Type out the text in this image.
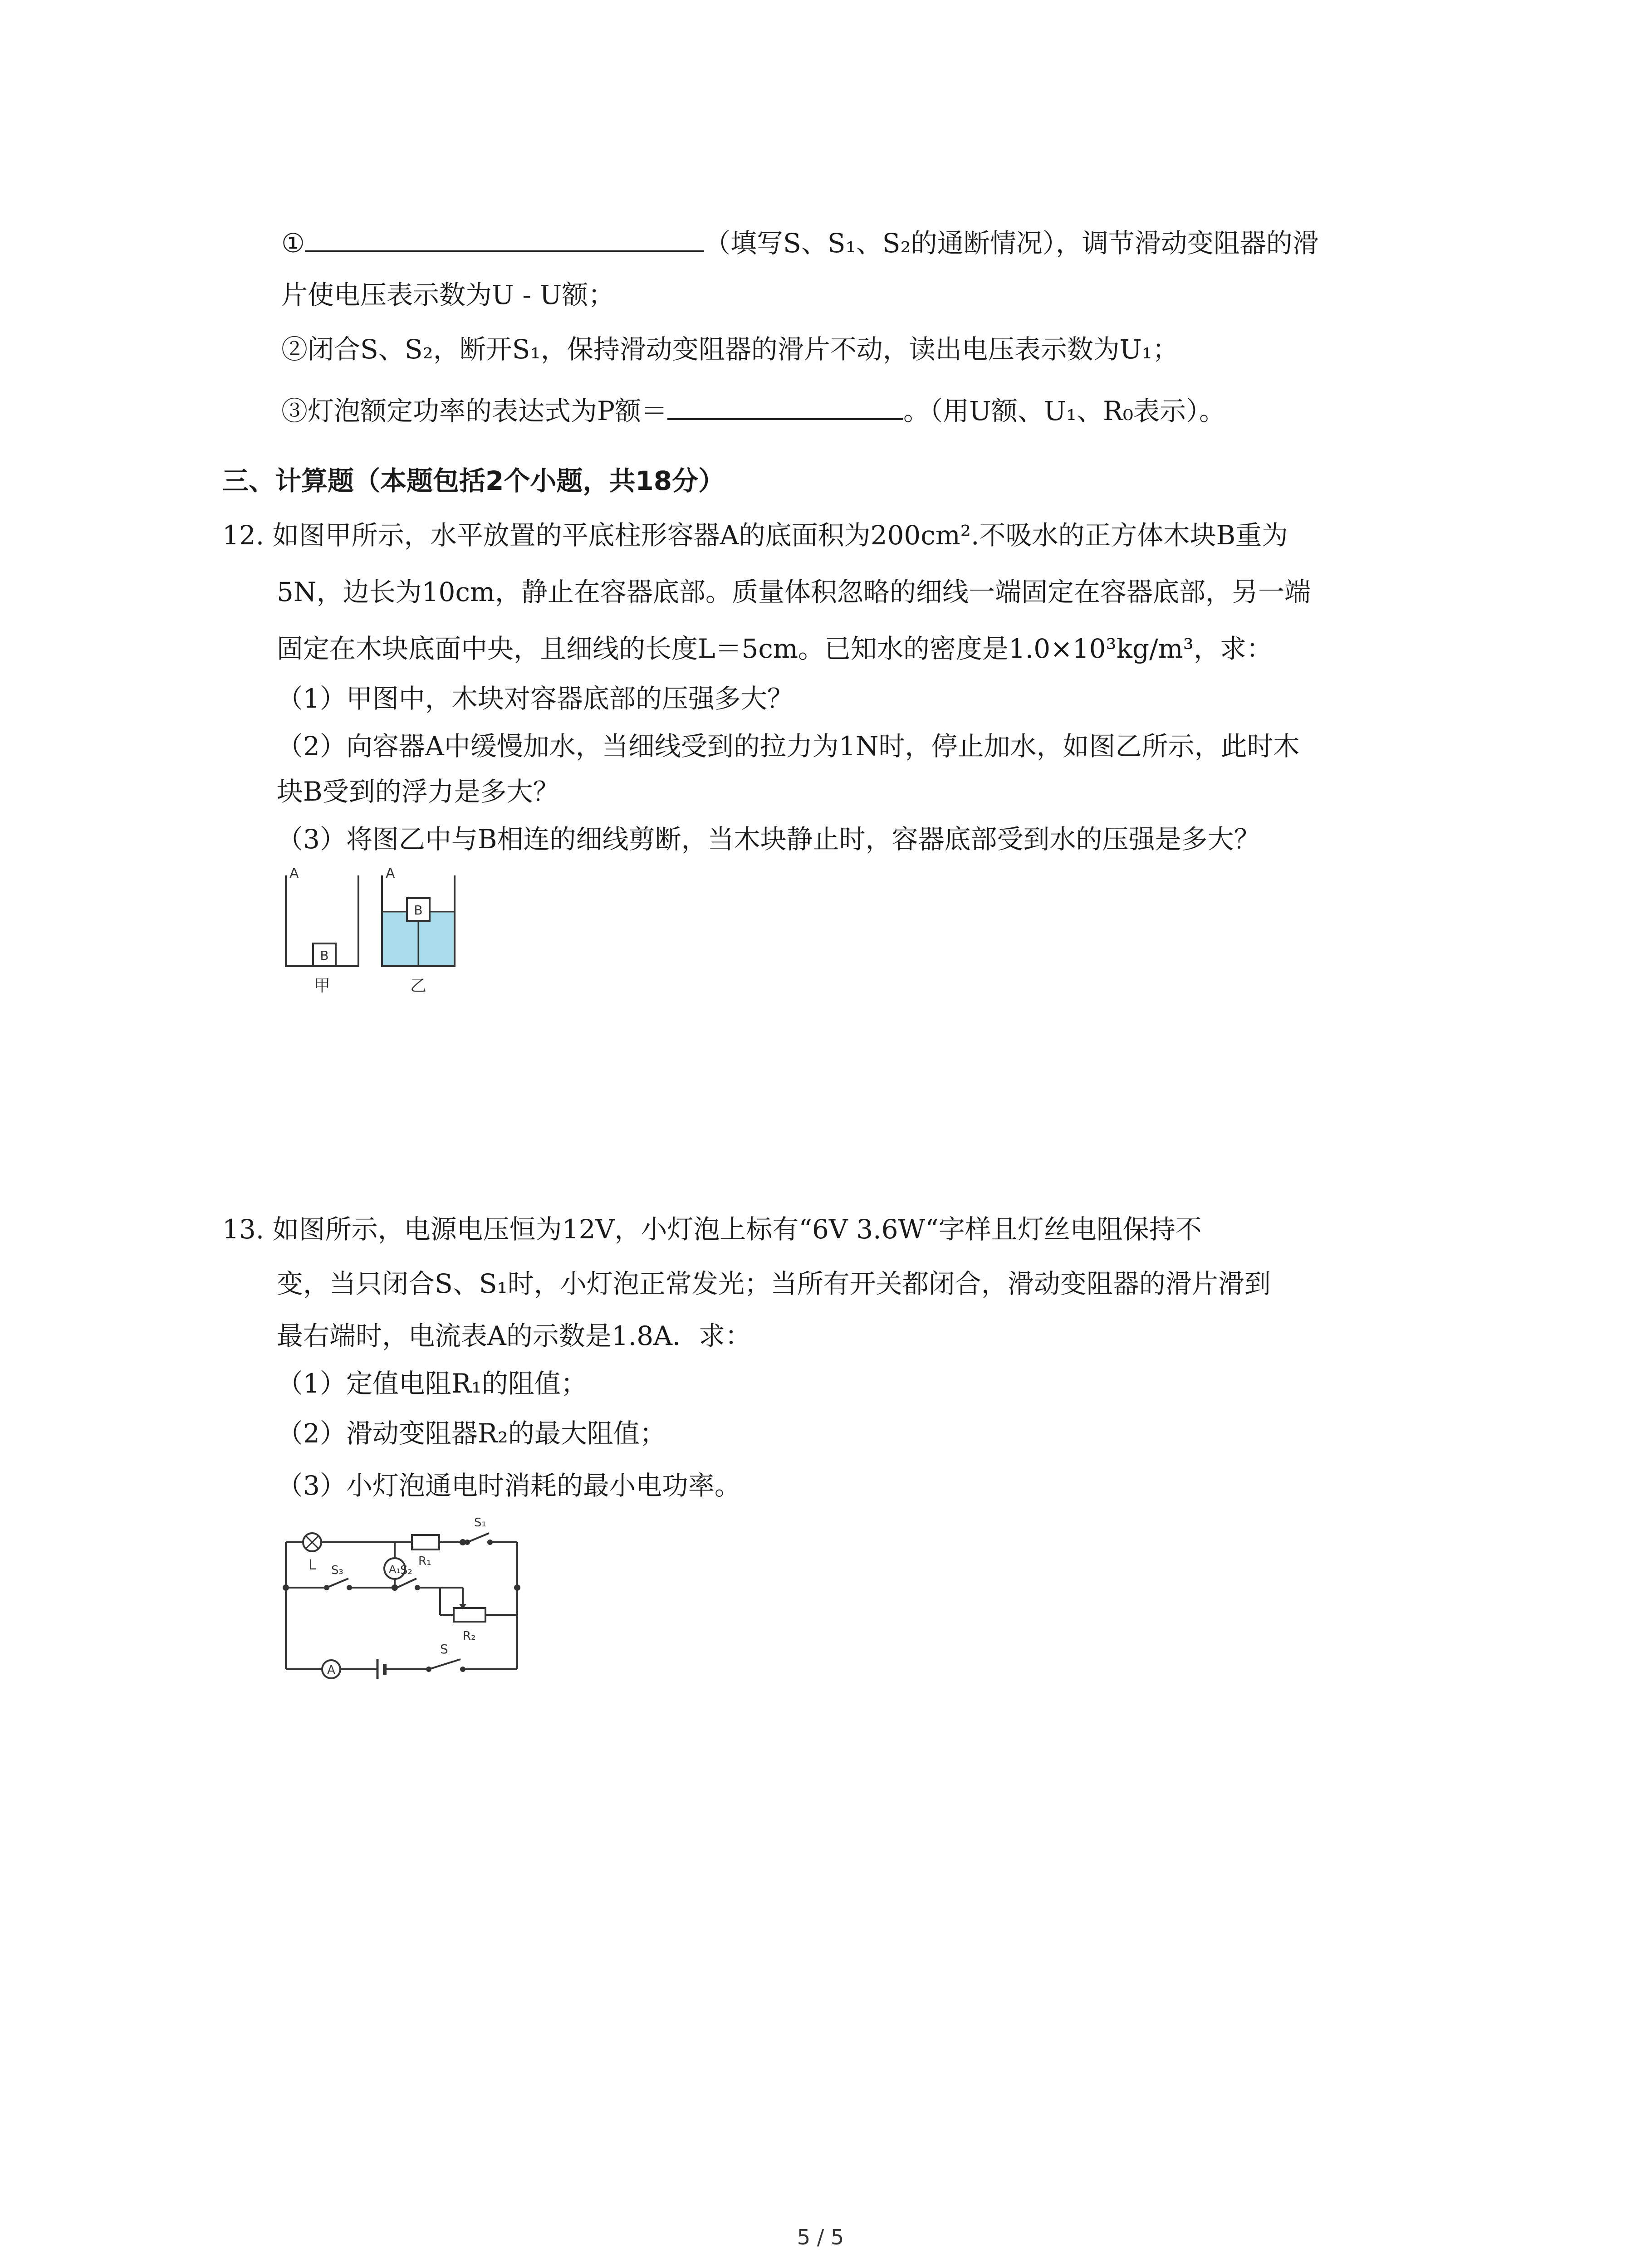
①	（填写S、S₁、S₂的通断情况），调节滑动变阻器的滑
片使电压表示数为U - U额；
②闭合S、S₂，断开S₁，保持滑动变阻器的滑片不动，读出电压表示数为U₁；
③灯泡额定功率的表达式为P额＝	。（用U额、U₁、R₀表示）。
三、计算题（本题包括2个小题，共18分）
12. 如图甲所示，水平放置的平底柱形容器A的底面积为200cm².不吸水的正方体木块B重为
5N，边长为10cm，静止在容器底部。质量体积忽略的细线一端固定在容器底部，另一端
固定在木块底面中央，且细线的长度L＝5cm。已知水的密度是1.0×10³kg/m³，求：
（1）甲图中，木块对容器底部的压强多大？
（2）向容器A中缓慢加水，当细线受到的拉力为1N时，停止加水，如图乙所示，此时木
块B受到的浮力是多大？
（3）将图乙中与B相连的细线剪断，当木块静止时，容器底部受到水的压强是多大？
A
B
甲
A
B
乙
13. 如图所示，电源电压恒为12V，小灯泡上标有“6V 3.6W“字样且灯丝电阻保持不
变，当只闭合S、S₁时，小灯泡正常发光；当所有开关都闭合，滑动变阻器的滑片滑到
最右端时，电流表A的示数是1.8A．求：
（1）定值电阻R₁的阻值；
（2）滑动变阻器R₂的最大阻值；
（3）小灯泡通电时消耗的最小电功率。
L	R₁
S₁
A₁
S₃	S₂
R₂
A
S
5 / 5
